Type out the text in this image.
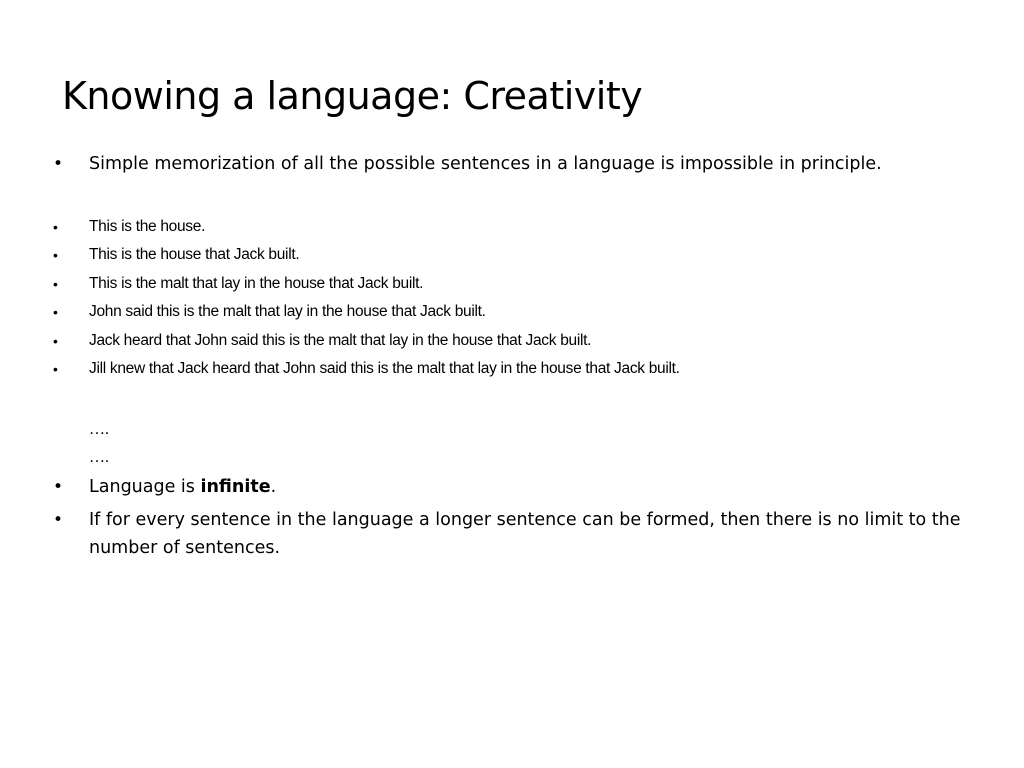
Knowing a language: Creativity
• Simple memorization of all the possible sentences in a language is impossible in principle.
• This is the house.
• This is the house that Jack built.
• This is the malt that lay in the house that Jack built.
• John said this is the malt that lay in the house that Jack built.
• Jack heard that John said this is the malt that lay in the house that Jack built.
• Jill knew that Jack heard that John said this is the malt that lay in the house that Jack built.
….
….
• Language is infinite.
• If for every sentence in the language a longer sentence can be formed, then there is no limit to the number of sentences.
